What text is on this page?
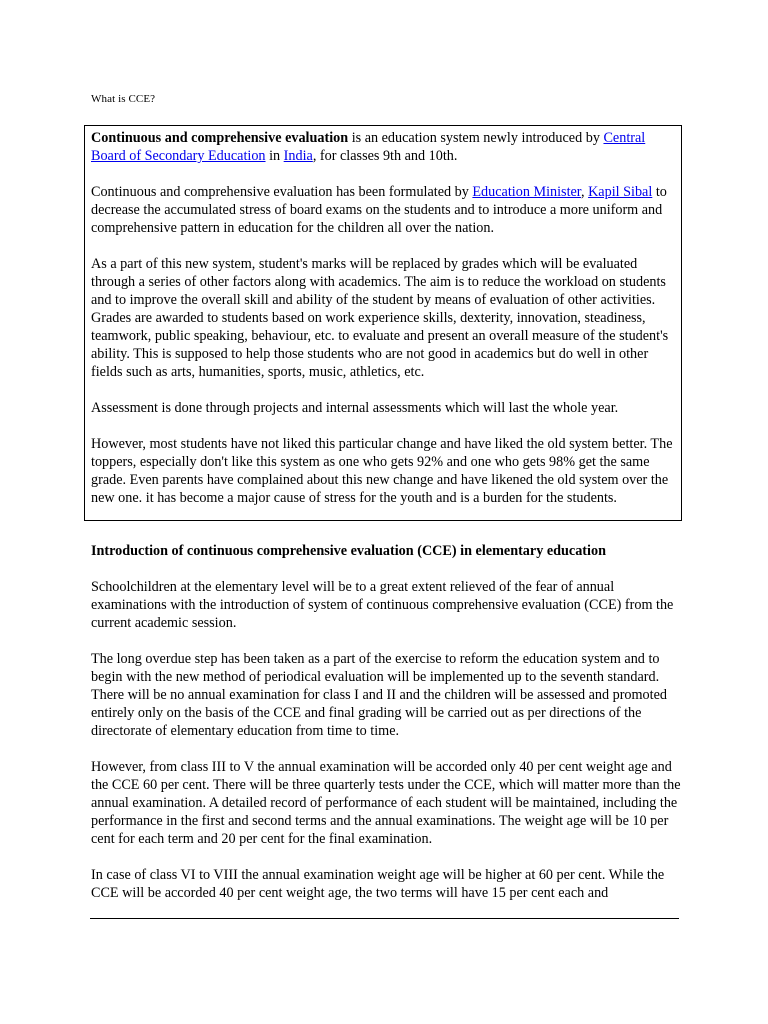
What is CCE?

Continuous and comprehensive evaluation is an education system newly introduced by Central Board of Secondary Education in India, for classes 9th and 10th.

Continuous and comprehensive evaluation has been formulated by Education Minister, Kapil Sibal to decrease the accumulated stress of board exams on the students and to introduce a more uniform and comprehensive pattern in education for the children all over the nation.

As a part of this new system, student's marks will be replaced by grades which will be evaluated through a series of other factors along with academics. The aim is to reduce the workload on students and to improve the overall skill and ability of the student by means of evaluation of other activities. Grades are awarded to students based on work experience skills, dexterity, innovation, steadiness, teamwork, public speaking, behaviour, etc. to evaluate and present an overall measure of the student's ability. This is supposed to help those students who are not good in academics but do well in other fields such as arts, humanities, sports, music, athletics, etc.

Assessment is done through projects and internal assessments which will last the whole year.

However, most students have not liked this particular change and have liked the old system better. The toppers, especially don't like this system as one who gets 92% and one who gets 98% get the same grade. Even parents have complained about this new change and have likened the old system over the new one. it has become a major cause of stress for the youth and is a burden for the students.

Introduction of continuous comprehensive evaluation (CCE) in elementary education

Schoolchildren at the elementary level will be to a great extent relieved of the fear of annual examinations with the introduction of system of continuous comprehensive evaluation (CCE) from the current academic session.

The long overdue step has been taken as a part of the exercise to reform the education system and to begin with the new method of periodical evaluation will be implemented up to the seventh standard. There will be no annual examination for class I and II and the children will be assessed and promoted entirely only on the basis of the CCE and final grading will be carried out as per directions of the directorate of elementary education from time to time.

However, from class III to V the annual examination will be accorded only 40 per cent weight age and the CCE 60 per cent. There will be three quarterly tests under the CCE, which will matter more than the annual examination. A detailed record of performance of each student will be maintained, including the performance in the first and second terms and the annual examinations. The weight age will be 10 per cent for each term and 20 per cent for the final examination.

In case of class VI to VIII the annual examination weight age will be higher at 60 per cent. While the CCE will be accorded 40 per cent weight age, the two terms will have 15 per cent each and
